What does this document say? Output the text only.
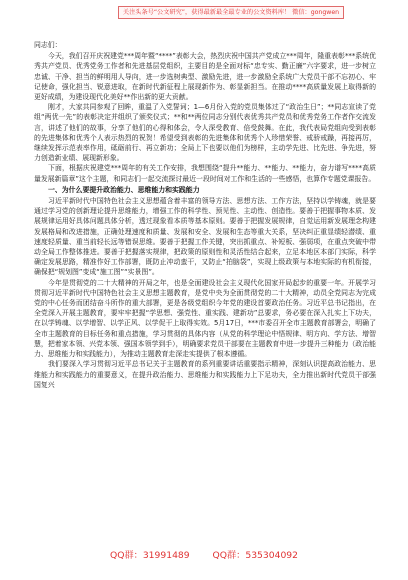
关注头条号“公文研究”，获得最新最全最专业的公文资料库！ 微信：gongwen

同志们：

今天，我们召开庆祝建党***周年暨“****”表彰大会，热烈庆祝中国共产党成立***周年，隆重表彰***系统优秀共产党员、优秀党务工作者和先进基层党组织，主要目的是全面对标“忠专实、勤正廉”六字要求，进一步树立忠诚、干净、担当的鲜明用人导向，进一步选树典型、激励先进，进一步激励全系统广大党员干部不忘初心、牢记使命，强化担当、锐意进取，在新时代新征程上展现新作为、彰显新担当。在推动****高质量发展上取得新的更好成绩，为建设现代化美好**作出新的更大贡献。

刚才，大家共同参观了回眸，重温了入党誓词；1—6月份入党的党员集体过了“政治生日”；**同志宣读了党组“两优一先”的表彰决定并组织了颁奖仪式；**和**两位同志分别代表优秀共产党员和优秀党务工作者作交流发言，讲述了他们的故事，分享了他们的心得和体会，令人深受教育、倍受鼓舞。在此，我代表局党组向受到表彰的先进集体和优秀个人表示热烈的祝贺！希望受到表彰的先进集体和优秀个人珍惜荣誉、戒骄戒躁，再接再厉，继续发挥示范表率作用，砥砺前行、再立新功；全局上下也要以他们为榜样，主动学先进、比先进、争先进，努力创造新业绩、展现新形象。

下面，根据庆祝建党***周年的有关工作安排，我想围绕“提升**能力、**能力、**能力，奋力谱写****高质量发展新篇章”这个主题，和同志们一起交流探讨最近一段时间对工作和生活的一些感悟，也算作专题党课报告。

一、为什么要提升政治能力、思维能力和实践能力

习近平新时代中国特色社会主义思想蕴含着丰富的领导方法、思想方法、工作方法，坚持以学铸魂，就是要通过学习党的创新理论提升思维能力，增强工作的科学性、预见性、主动性、创造性。要善于把握事物本质、发展规律运用好具体问题具体分析，透过现象看本质等基本原则。要善于把握发展规律，自觉运用新发展理念构建发展格局和改进措施，正确处理速度和质量、发展和安全、发展和生态等重大关系，坚决纠正重显绩轻潜绩、重速度轻质量、重当前轻长远等错误思维。要善于把握工作关键，突出抓重点、补短板、强弱项，在重点突破中带动全局工作整体推进。要善于把握落实规律，把政策的原则性和灵活性结合起来，立足本地区本部门实际，科学确定发展思路，精准作好工作部署，既防止冲动蛮干，又防止“拍脑袋”，实现上级政策与本地实际的有机衔接，确保把“规划图”变成“施工图”“实景图”。

今年是贯彻党的二十大精神的开局之年，也是全面建设社会主义现代化国家开局起步的重要一年。开展学习贯彻习近平新时代中国特色社会主义思想主题教育，是党中央为全面贯彻党的二十大精神，动员全党同志为完成党的中心任务而团结奋斗所作的重大部署，更是各级党组织今年党的建设首要政治任务。习近平总书记指出，在全党深入开展主题教育，要牢牢把握“学思想、强党性、重实践、建新功”总要求，务必要在深入扎实上下功夫，在以学铸魂、以学增智、以学正风、以学促干上取得实效。5月17日，***市委召开全市主题教育部署会，明确了全市主题教育的目标任务和重点措施，学习贯彻的具体内容（从党的科学理论中悟规律、明方向、学方法、增智慧，把着家本领、兴党本领、强国本领学到手），明确要求党员干部要在主题教育中进一步提升三种能力（政治能力、思维能力和实践能力），为推动主题教育走深走实提供了根本遵循。

我们要深入学习贯彻习近平总书记关于主题教育的系列重要讲话重要指示精神，深刻认识提高政治能力、思维能力和实践能力的重要意义，在提升政治能力、思维能力和实践能力上下足功夫，全力推出新时代党员干部强国复兴

QQ群：31991489 QQ群：535304092
